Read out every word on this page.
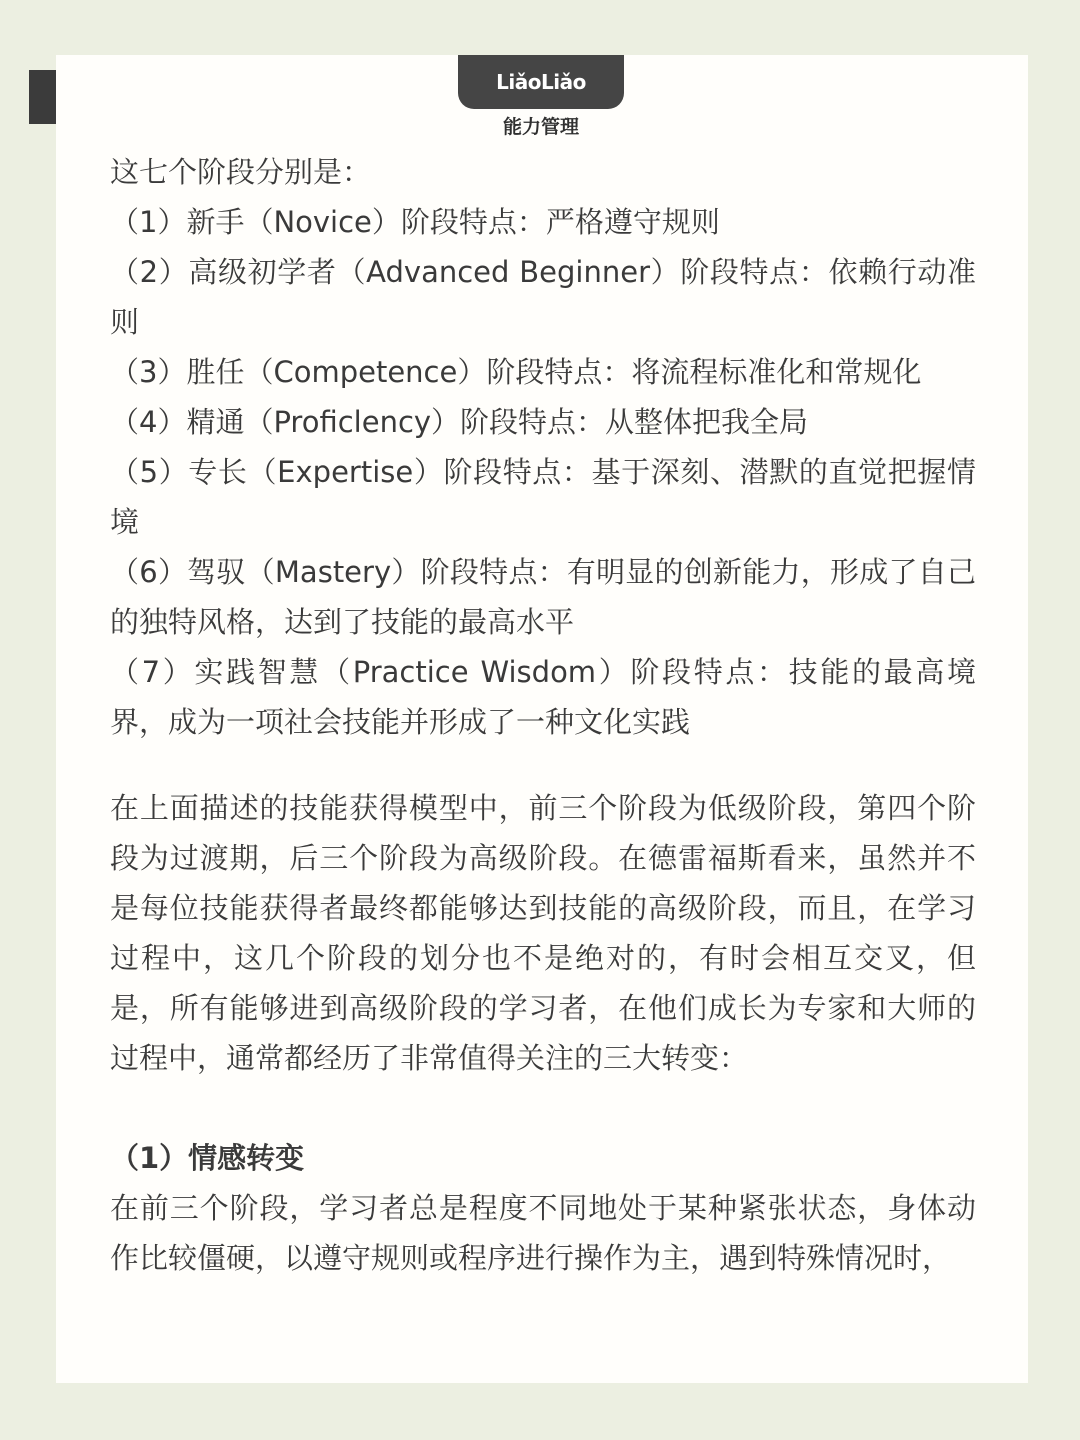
LiǎoLiǎo
能力管理

这七个阶段分别是：

（1）新手（Novice）阶段特点：严格遵守规则

（2）高级初学者（Advanced Beginner）阶段特点：依赖行动准则

（3）胜任（Competence）阶段特点：将流程标准化和常规化

（4）精通（Proficlency）阶段特点：从整体把我全局

（5）专长（Expertise）阶段特点：基于深刻、潜默的直觉把握情境

（6）驾驭（Mastery）阶段特点：有明显的创新能力，形成了自己的独特风格，达到了技能的最高水平

（7）实践智慧（Practice Wisdom）阶段特点：技能的最高境界，成为一项社会技能并形成了一种文化实践

在上面描述的技能获得模型中，前三个阶段为低级阶段，第四个阶段为过渡期，后三个阶段为高级阶段。在德雷福斯看来，虽然并不是每位技能获得者最终都能够达到技能的高级阶段，而且，在学习过程中，这几个阶段的划分也不是绝对的，有时会相互交叉，但是，所有能够进到高级阶段的学习者，在他们成长为专家和大师的过程中，通常都经历了非常值得关注的三大转变：

（1）情感转变

在前三个阶段，学习者总是程度不同地处于某种紧张状态，身体动作比较僵硬，以遵守规则或程序进行操作为主，遇到特殊情况时，
